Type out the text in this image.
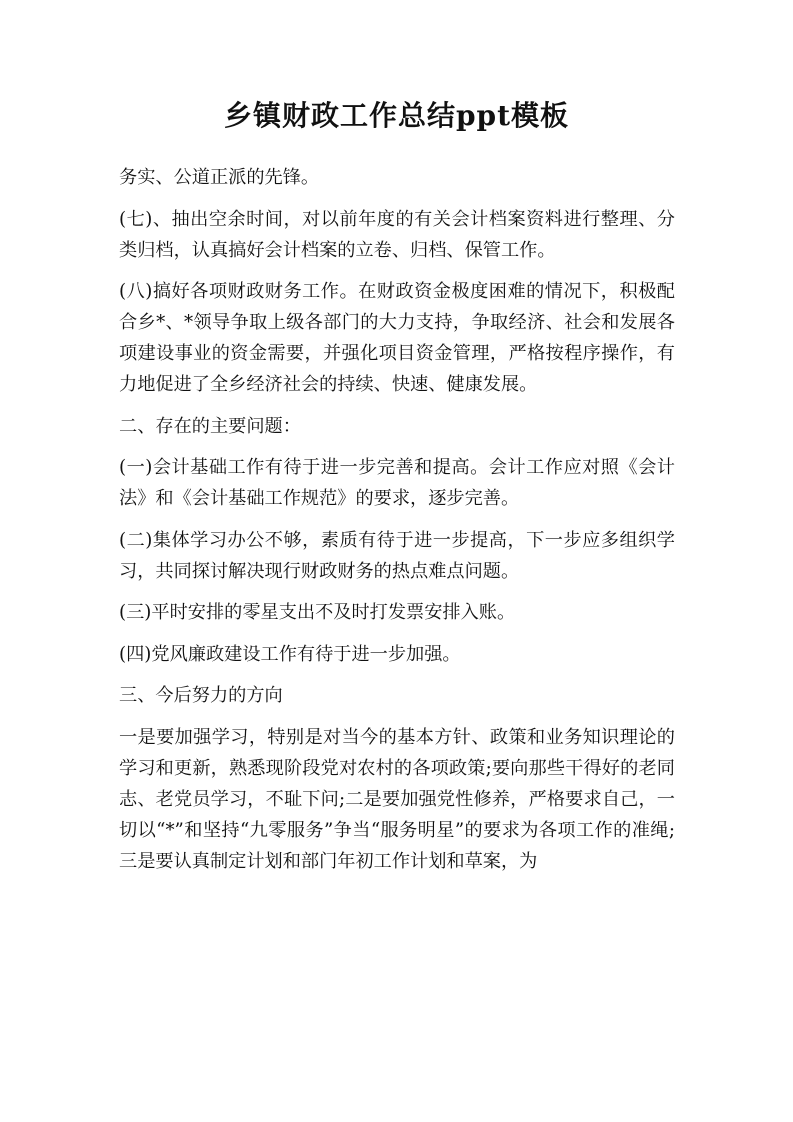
乡镇财政工作总结ppt模板

务实、公道正派的先锋。

(七)、抽出空余时间，对以前年度的有关会计档案资料进行整理、分类归档，认真搞好会计档案的立卷、归档、保管工作。

(八)搞好各项财政财务工作。在财政资金极度困难的情况下，积极配合乡*、*领导争取上级各部门的大力支持，争取经济、社会和发展各项建设事业的资金需要，并强化项目资金管理，严格按程序操作，有力地促进了全乡经济社会的持续、快速、健康发展。

二、存在的主要问题：

(一)会计基础工作有待于进一步完善和提高。会计工作应对照《会计法》和《会计基础工作规范》的要求，逐步完善。

(二)集体学习办公不够，素质有待于进一步提高，下一步应多组织学习，共同探讨解决现行财政财务的热点难点问题。

(三)平时安排的零星支出不及时打发票安排入账。

(四)党风廉政建设工作有待于进一步加强。

三、今后努力的方向

一是要加强学习，特别是对当今的基本方针、政策和业务知识理论的学习和更新，熟悉现阶段党对农村的各项政策;要向那些干得好的老同志、老党员学习，不耻下问;二是要加强党性修养，严格要求自己，一切以“*”和坚持“九零服务”争当“服务明星”的要求为各项工作的准绳;三是要认真制定计划和部门年初工作计划和草案，为
